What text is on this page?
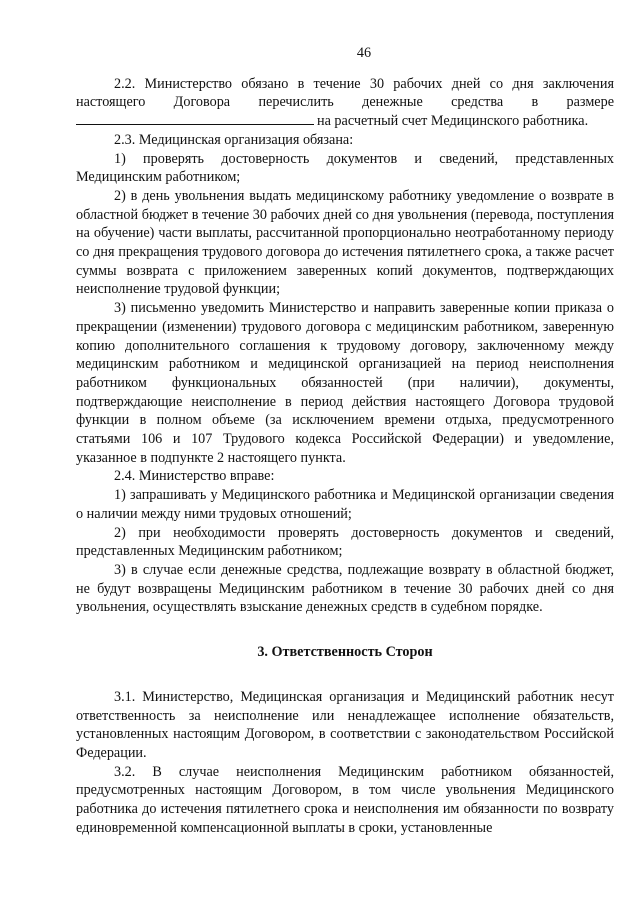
46

2.2. Министерство обязано в течение 30 рабочих дней со дня заключения настоящего Договора перечислить денежные средства в размере на расчетный счет Медицинского работника.

2.3. Медицинская организация обязана:

1) проверять достоверность документов и сведений, представленных Медицинским работником;

2) в день увольнения выдать медицинскому работнику уведомление о возврате в областной бюджет в течение 30 рабочих дней со дня увольнения (перевода, поступления на обучение) части выплаты, рассчитанной пропорционально неотработанному периоду со дня прекращения трудового договора до истечения пятилетнего срока, а также расчет суммы возврата с приложением заверенных копий документов, подтверждающих неисполнение трудовой функции;

3) письменно уведомить Министерство и направить заверенные копии приказа о прекращении (изменении) трудового договора с медицинским работником, заверенную копию дополнительного соглашения к трудовому договору, заключенному между медицинским работником и медицинской организацией на период неисполнения работником функциональных обязанностей (при наличии), документы, подтверждающие неисполнение в период действия настоящего Договора трудовой функции в полном объеме (за исключением времени отдыха, предусмотренного статьями 106 и 107 Трудового кодекса Российской Федерации) и уведомление, указанное в подпункте 2 настоящего пункта.

2.4. Министерство вправе:

1) запрашивать у Медицинского работника и Медицинской организации сведения о наличии между ними трудовых отношений;

2) при необходимости проверять достоверность документов и сведений, представленных Медицинским работником;

3) в случае если денежные средства, подлежащие возврату в областной бюджет, не будут возвращены Медицинским работником в течение 30 рабочих дней со дня увольнения, осуществлять взыскание денежных средств в судебном порядке.

3. Ответственность Сторон

3.1. Министерство, Медицинская организация и Медицинский работник несут ответственность за неисполнение или ненадлежащее исполнение обязательств, установленных настоящим Договором, в соответствии с законодательством Российской Федерации.

3.2. В случае неисполнения Медицинским работником обязанностей, предусмотренных настоящим Договором, в том числе увольнения Медицинского работника до истечения пятилетнего срока и неисполнения им обязанности по возврату единовременной компенсационной выплаты в сроки, установленные
